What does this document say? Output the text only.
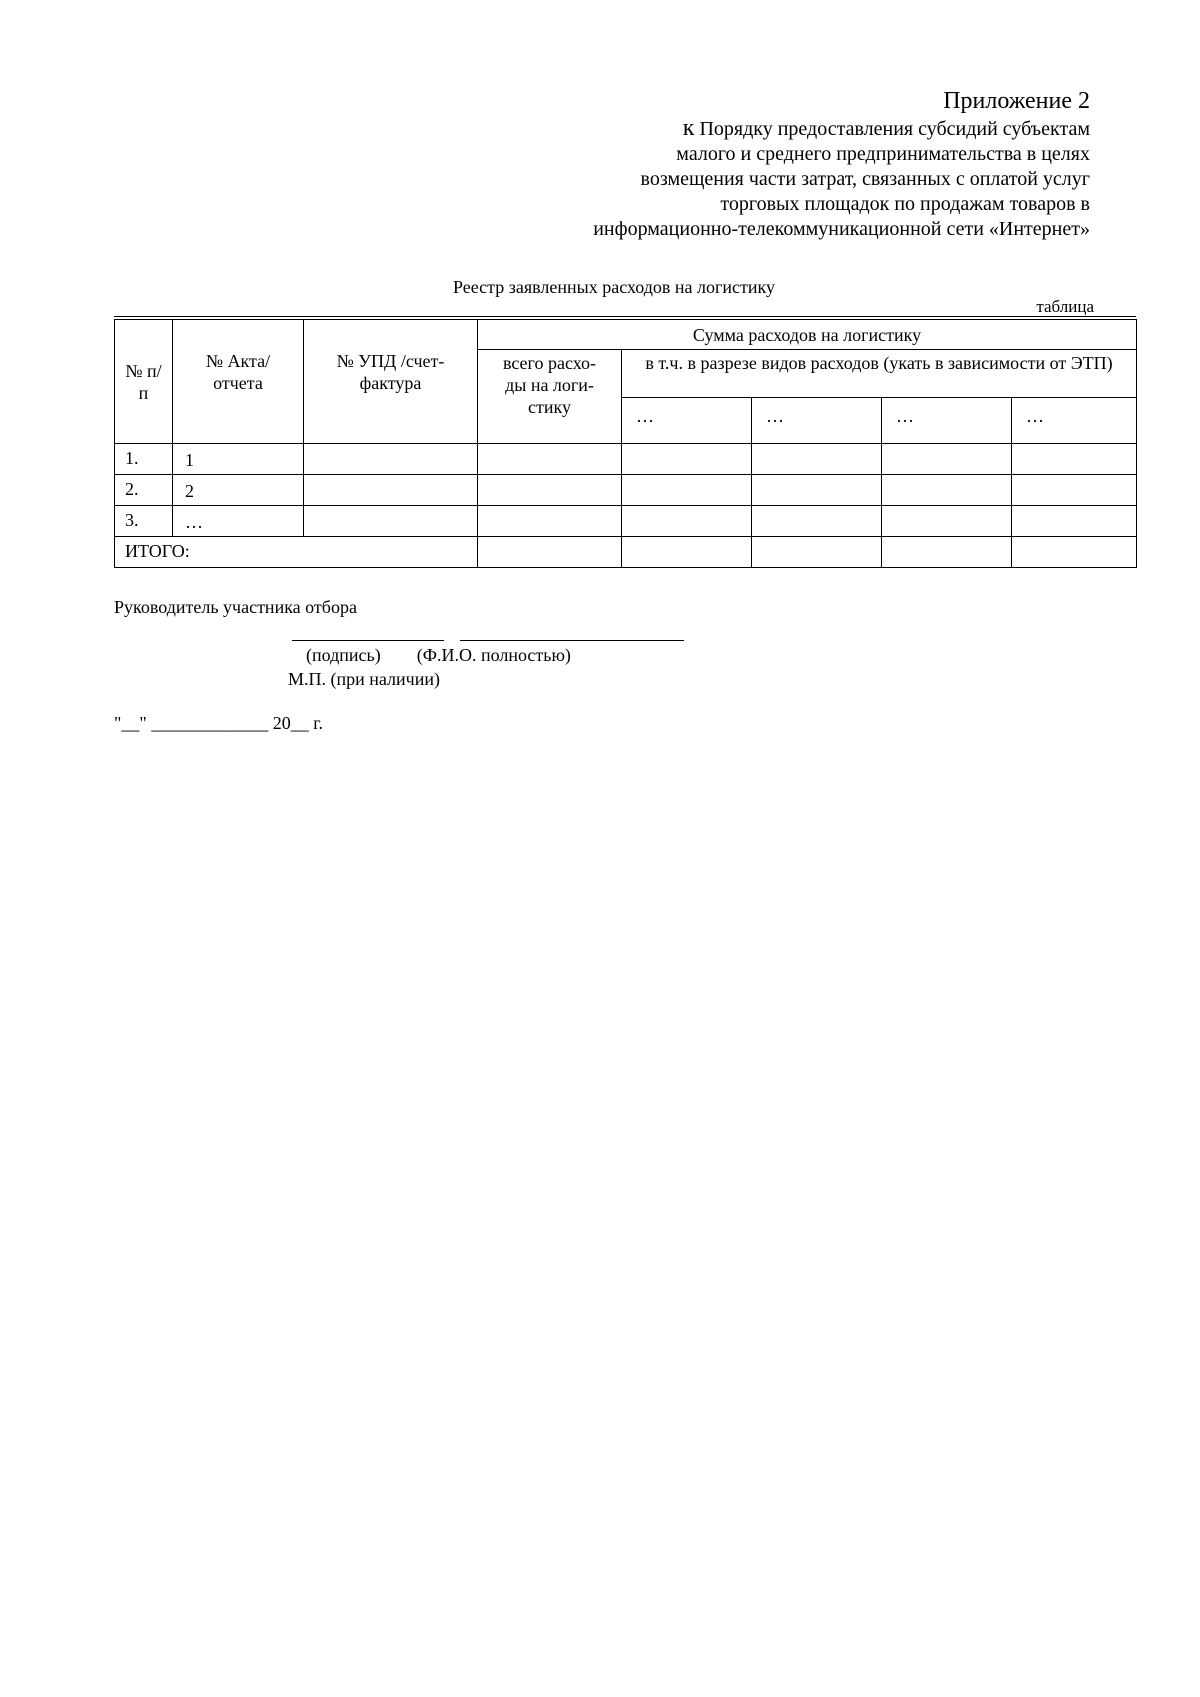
Приложение 2
к Порядку предоставления субсидий субъектам
малого и среднего предпринимательства в целях
возмещения части затрат, связанных с оплатой услуг
торговых площадок по продажам товаров в
информационно-телекоммуникационной сети «Интернет»
Реестр заявленных расходов на логистику
таблица
№ п/п	№ Акта/ отчета	№ УПД /счет-фактура	Сумма расходов на логистику				
			всего расхо-ды на логи-стику	в т.ч. в разрезе видов расходов (укать в зависимости от ЭТП)			
				…	…	…	…
1.	1						
2.	2						
3.	…						
ИТОГО:							
Руководитель участника отбора
(подпись) (Ф.И.О. полностью)
М.П. (при наличии)
"__" _____________ 20__ г.
